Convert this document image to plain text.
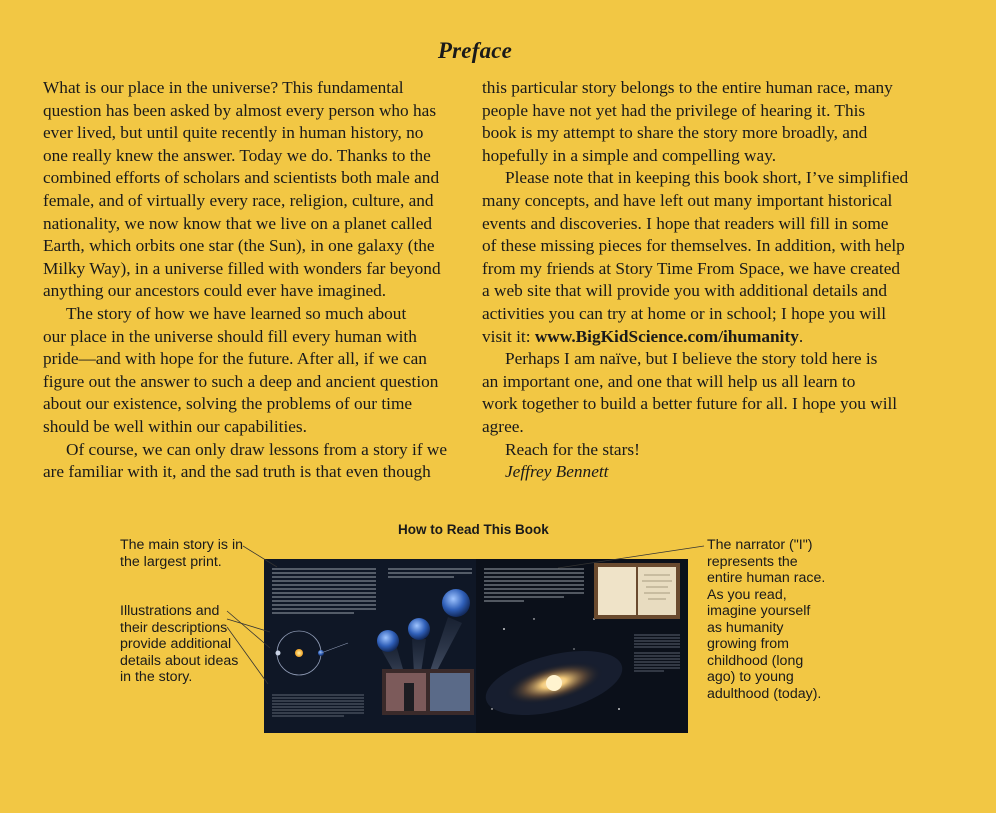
Preface
What is our place in the universe? This fundamental
question has been asked by almost every person who has
ever lived, but until quite recently in human history, no
one really knew the answer. Today we do. Thanks to the
combined efforts of scholars and scientists both male and
female, and of virtually every race, religion, culture, and
nationality, we now know that we live on a planet called
Earth, which orbits one star (the Sun), in one galaxy (the
Milky Way), in a universe filled with wonders far beyond
anything our ancestors could ever have imagined.
The story of how we have learned so much about
our place in the universe should fill every human with
pride—and with hope for the future. After all, if we can
figure out the answer to such a deep and ancient question
about our existence, solving the problems of our time
should be well within our capabilities.
Of course, we can only draw lessons from a story if we
are familiar with it, and the sad truth is that even though
this particular story belongs to the entire human race, many
people have not yet had the privilege of hearing it. This
book is my attempt to share the story more broadly, and
hopefully in a simple and compelling way.
Please note that in keeping this book short, I’ve simplified
many concepts, and have left out many important historical
events and discoveries. I hope that readers will fill in some
of these missing pieces for themselves. In addition, with help
from my friends at Story Time From Space, we have created
a web site that will provide you with additional details and
activities you can try at home or in school; I hope you will
visit it: www.BigKidScience.com/ihumanity.
Perhaps I am naïve, but I believe the story told here is
an important one, and one that will help us all learn to
work together to build a better future for all. I hope you will
agree.
Reach for the stars!
Jeffrey Bennett
How to Read This Book
The main story is in
the largest print.
Illustrations and
their descriptions
provide additional
details about ideas
in the story.
The narrator ("I")
represents the
entire human race.
As you read,
imagine yourself
as humanity
growing from
childhood (long
ago) to young
adulthood (today).
